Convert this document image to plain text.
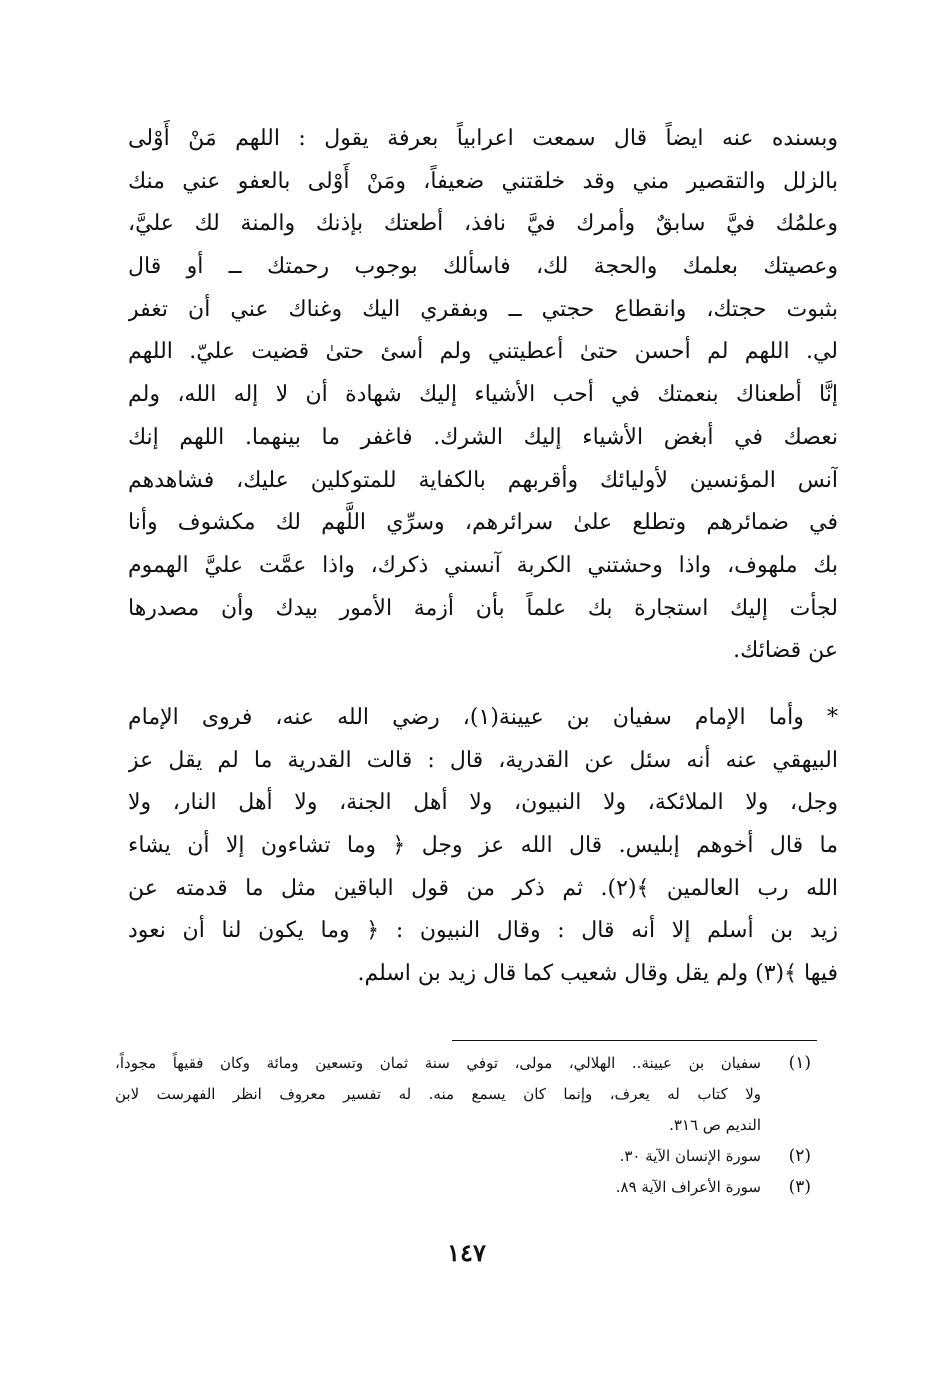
وبسنده عنه ايضاً قال سمعت اعرابياً بعرفة يقول : اللهم مَنْ أَوْلى
بالزلل والتقصير مني وقد خلقتني ضعيفاً، ومَنْ أَوْلى بالعفو عني منك
وعلمُك فيَّ سابقٌ وأمرك فيَّ نافذ، أطعتك بإذنك والمنة لك عليَّ،
وعصيتك بعلمك والحجة لك، فاسألك بوجوب رحمتك ــ أو قال
بثبوت حجتك، وانقطاع حجتي ــ وبفقري اليك وغناك عني أن تغفر
لي. اللهم لم أحسن حتىٰ أعطيتني ولم أسئ حتىٰ قضيت عليّ. اللهم
إنَّا أطعناك بنعمتك في أحب الأشياء إليك شهادة أن لا إله الله، ولم
نعصك في أبغض الأشياء إليك الشرك. فاغفر ما بينهما. اللهم إنك
آنس المؤنسين لأوليائك وأقربهم بالكفاية للمتوكلين عليك، فشاهدهم
في ضمائرهم وتطلع علىٰ سرائرهم، وسرِّي اللَّهم لك مكشوف وأنا
بك ملهوف، واذا وحشتني الكربة آنسني ذكرك، واذا عمَّت عليَّ الهموم
لجأت إليك استجارة بك علماً بأن أزمة الأمور بيدك وأن مصدرها
عن قضائك.
* وأما الإمام سفيان بن عيينة(١)، رضي الله عنه، فروى الإمام
البيهقي عنه أنه سئل عن القدرية، قال : قالت القدرية ما لم يقل عز
وجل، ولا الملائكة، ولا النبيون، ولا أهل الجنة، ولا أهل النار، ولا
ما قال أخوهم إبليس. قال الله عز وجل ﴿ وما تشاءون إلا أن يشاء
الله رب العالمين ﴾(٢). ثم ذكر من قول الباقين مثل ما قدمته عن
زيد بن أسلم إلا أنه قال : وقال النبيون : ﴿ وما يكون لنا أن نعود
فيها ﴾(٣) ولم يقل وقال شعيب كما قال زيد بن اسلم.
(١)
سفيان بن عيينة.. الهلالي، مولى، توفي سنة ثمان وتسعين ومائة وكان فقيهاً مجوداً،
ولا كتاب له يعرف، وإنما كان يسمع منه. له تفسير معروف انظر الفهرست لابن
النديم ص ٣١٦.
(٢)
سورة الإنسان الآية ٣٠.
(٣)
سورة الأعراف الآية ٨٩.
١٤٧
